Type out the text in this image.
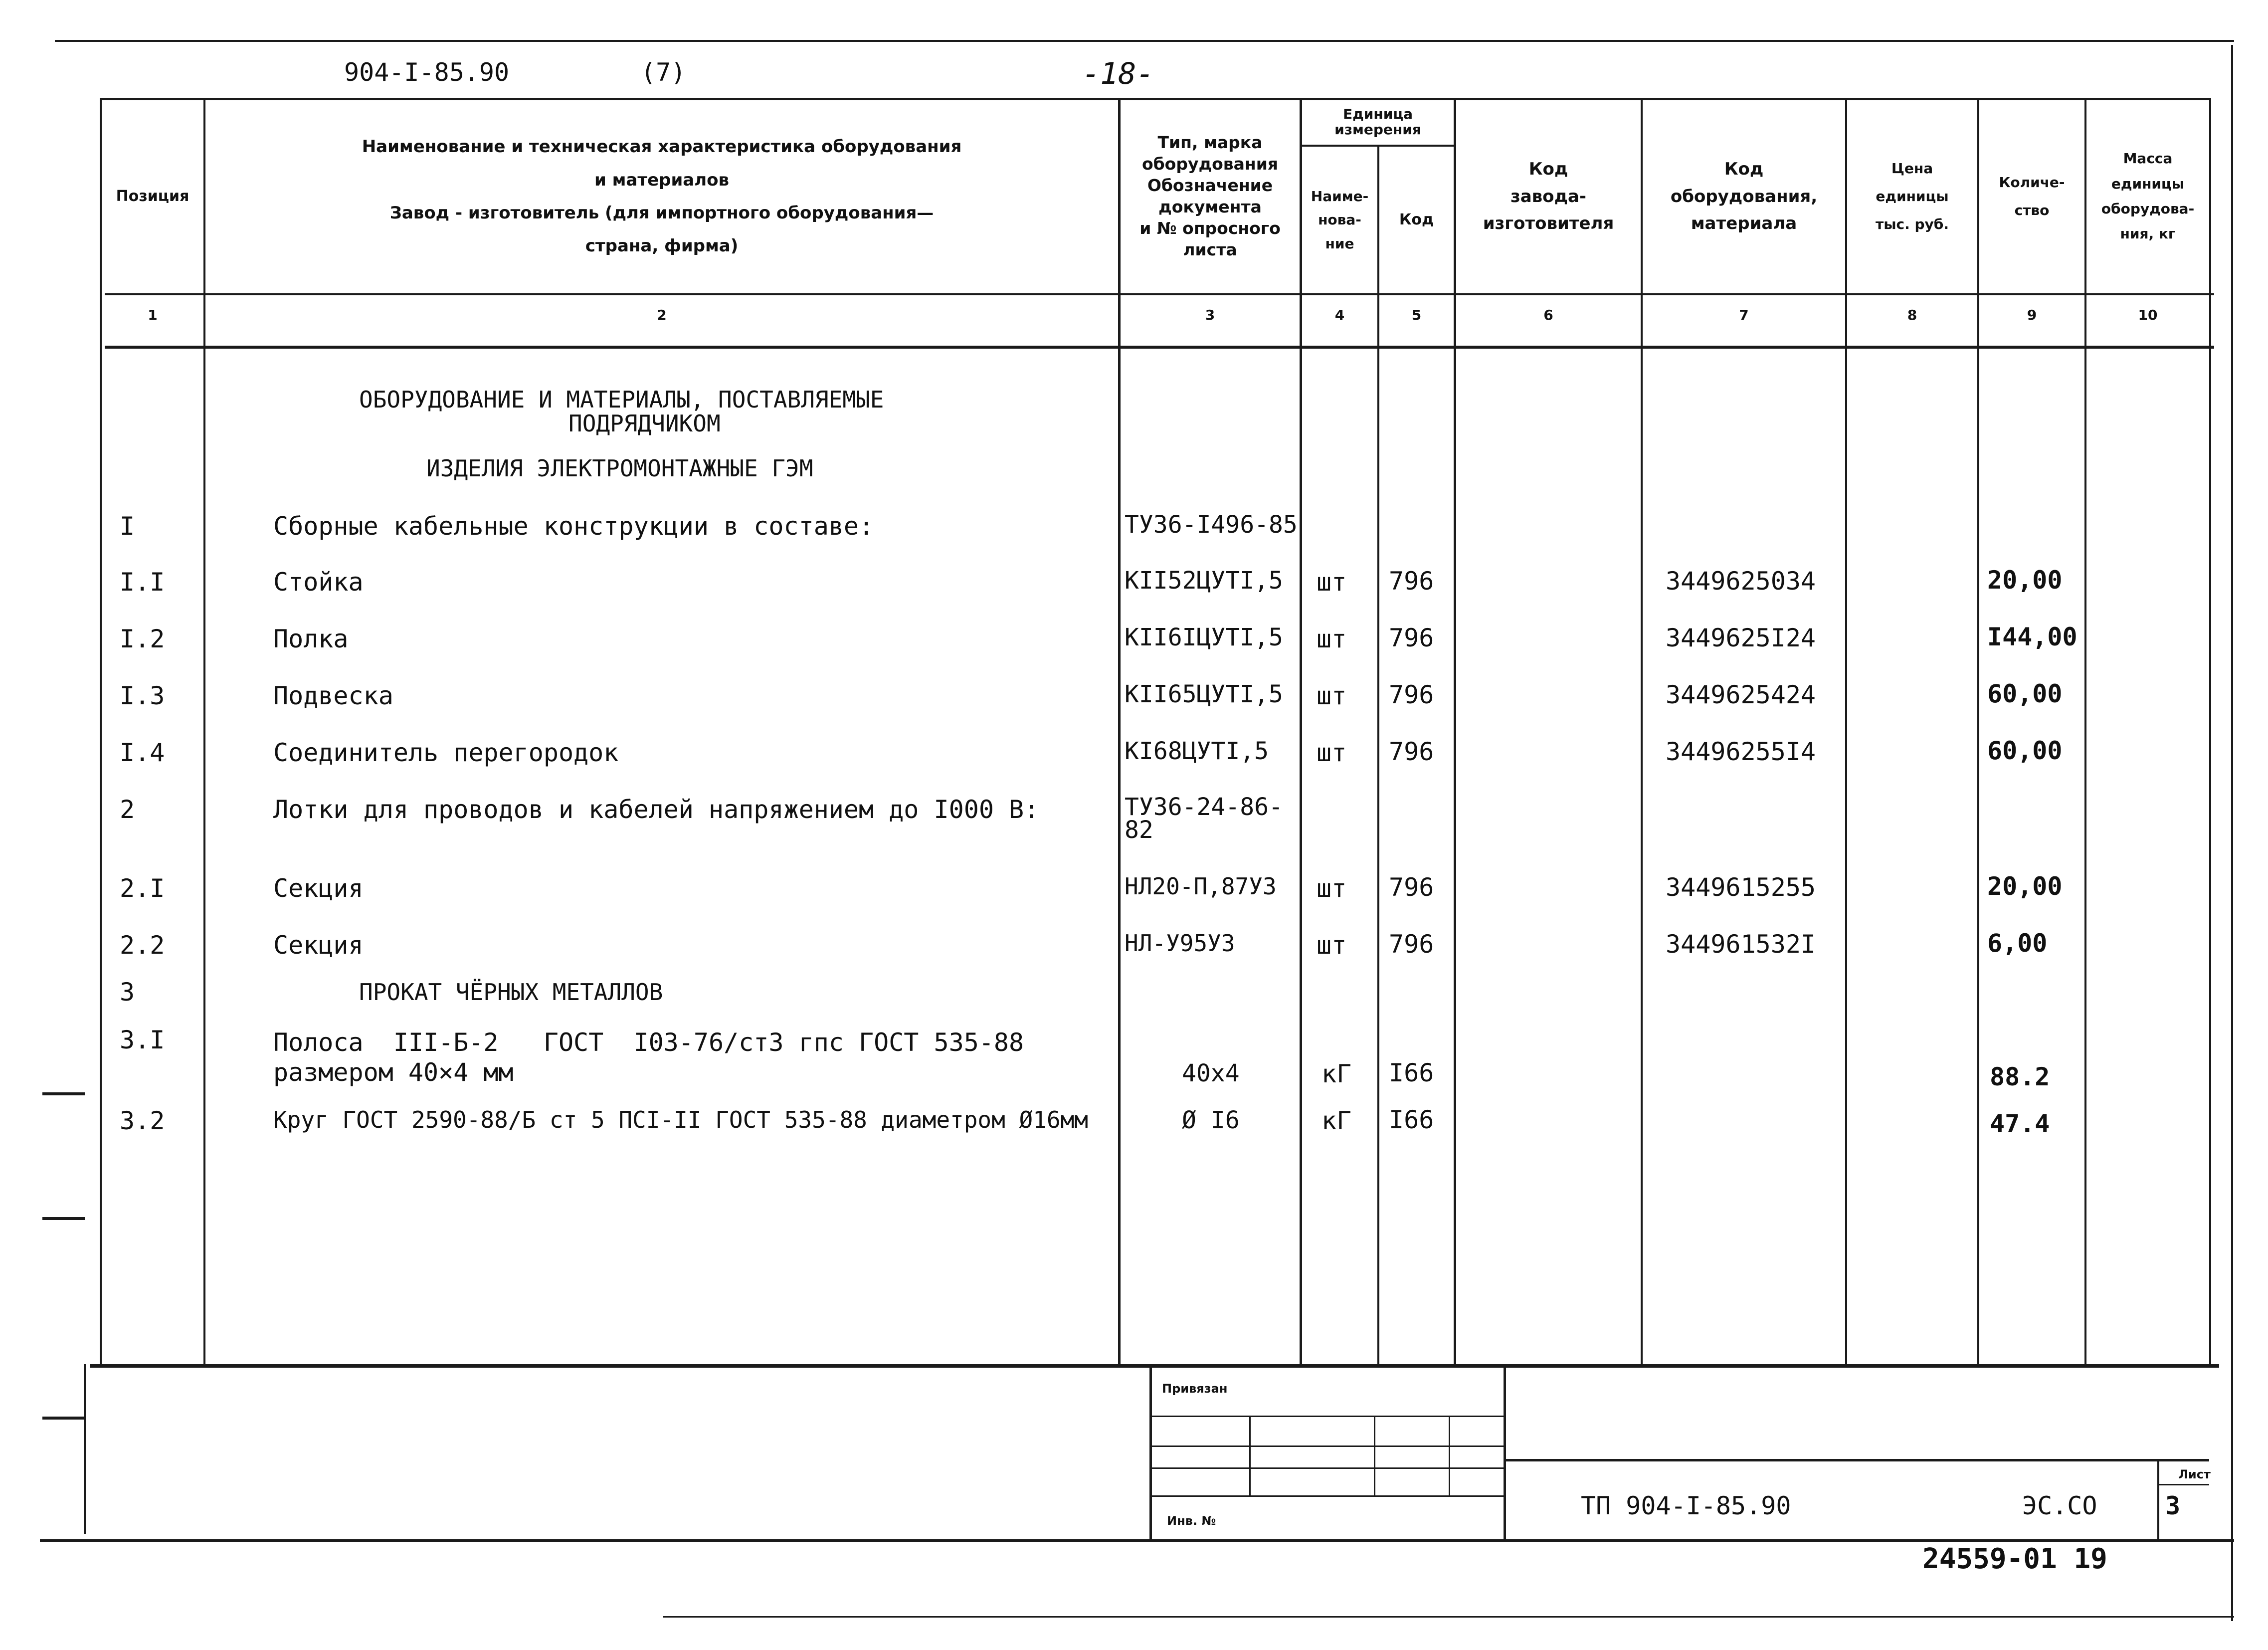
904-I-85.90	(7)	-18-
Позиция
Наименование и техническая характеристика оборудования
и материалов
Завод - изготовитель (для импортного оборудования—
страна, фирма)
Тип, марка
оборудования
Обозначение
документа
и № опросного
листа
Единица
измерения
Наиме-
нова-
ние
Код
Код
завода-
изготовителя
Код
оборудования,
материала
Цена
единицы
тыс. руб.
Количе-
ство
Масса
единицы
оборудова-
ния, кг
1	2	3	4	5	6	7	8	9	10
ОБОРУДОВАНИЕ И МАТЕРИАЛЫ, ПОСТАВЛЯЕМЫЕ
ПОДРЯДЧИКОМ
ИЗДЕЛИЯ ЭЛЕКТРОМОНТАЖНЫЕ ГЭМ
I	Сборные кабельные конструкции в составе:	ТУ36-I496-85
I.I	Стойка	КII52ЦУТI,5 шт 796	3449625034	20,00
I.2	Полка	КII6IЦУТI,5 шт 796	3449625I24	I44,00
I.3	Подвеска	КII65ЦУТI,5 шт 796	3449625424	60,00
I.4	Соединитель перегородок	КI68ЦУТI,5 шт 796	34496255I4	60,00
2	Лотки для проводов и кабелей напряжением до I000 В:	ТУ36-24-86-
82
2.I	Секция	НЛ20-П,87У3 шт 796	3449615255	20,00
2.2	Секция	НЛ-У95У3	шт 796	344961532I	6,00
3	ПРОКАТ ЧЁРНЫХ МЕТАЛЛОВ
3.I	Полоса  III-Б-2   ГОСТ  I03-76/ст3 гпс ГОСТ 535-88
размером 40×4 мм	40х4	кГ I66	88.2
3.2	Круг ГОСТ 2590-88/Б ст 5 ПСI-II ГОСТ 535-88 диаметром Ø16мм	Ø I6	кГ I66	47.4
Привязан
Инв. №
ТП 904-I-85.90	ЭС.СО
Лист
3
24559-01 19
